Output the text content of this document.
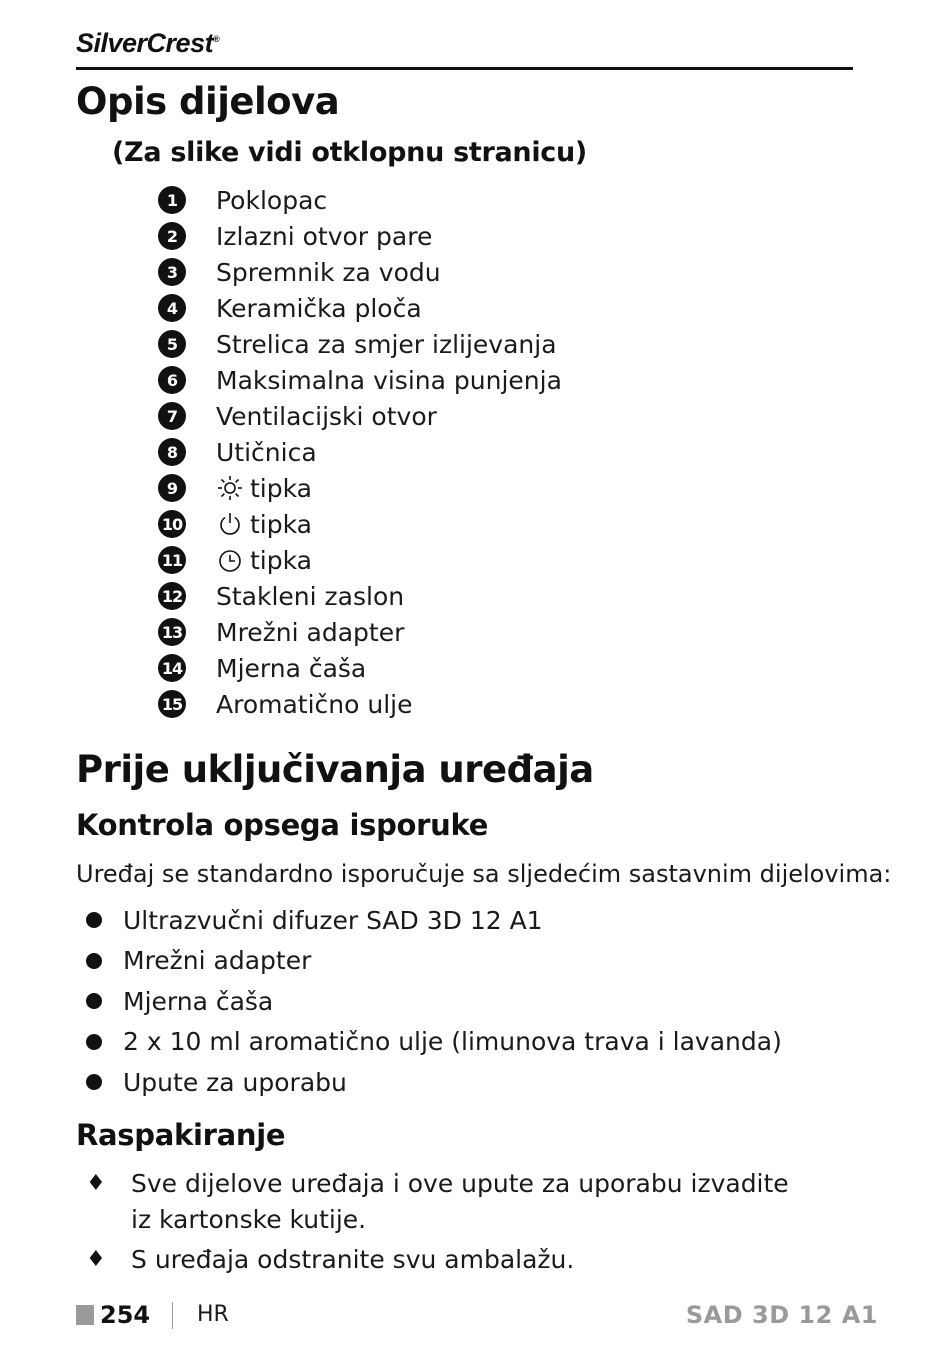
SilverCrest®
Opis dijelova
(Za slike vidi otklopnu stranicu)
1	Poklopac
2	Izlazni otvor pare
3	Spremnik za vodu
4	Keramička ploča
5	Strelica za smjer izlijevanja
6	Maksimalna visina punjenja
7	Ventilacijski otvor
8	Utičnica
9	tipka
10	tipka
11	tipka
12 Stakleni zaslon
13 Mrežni adapter
14 Mjerna čaša
15 Aromatično ulje
Prije uključivanja uređaja
Kontrola opsega isporuke
Uređaj se standardno isporučuje sa sljedećim sastavnim dijelovima:
Ultrazvučni difuzer SAD 3D 12 A1
Mrežni adapter
Mjerna čaša
2 x 10 ml aromatično ulje (limunova trava i lavanda)
Upute za uporabu
Raspakiranje
♦	Sve dijelove uređaja i ove upute za uporabu izvadite iz kartonske kutije.
♦	S uređaja odstranite svu ambalažu.
254 HR	SAD 3D 12 A1
